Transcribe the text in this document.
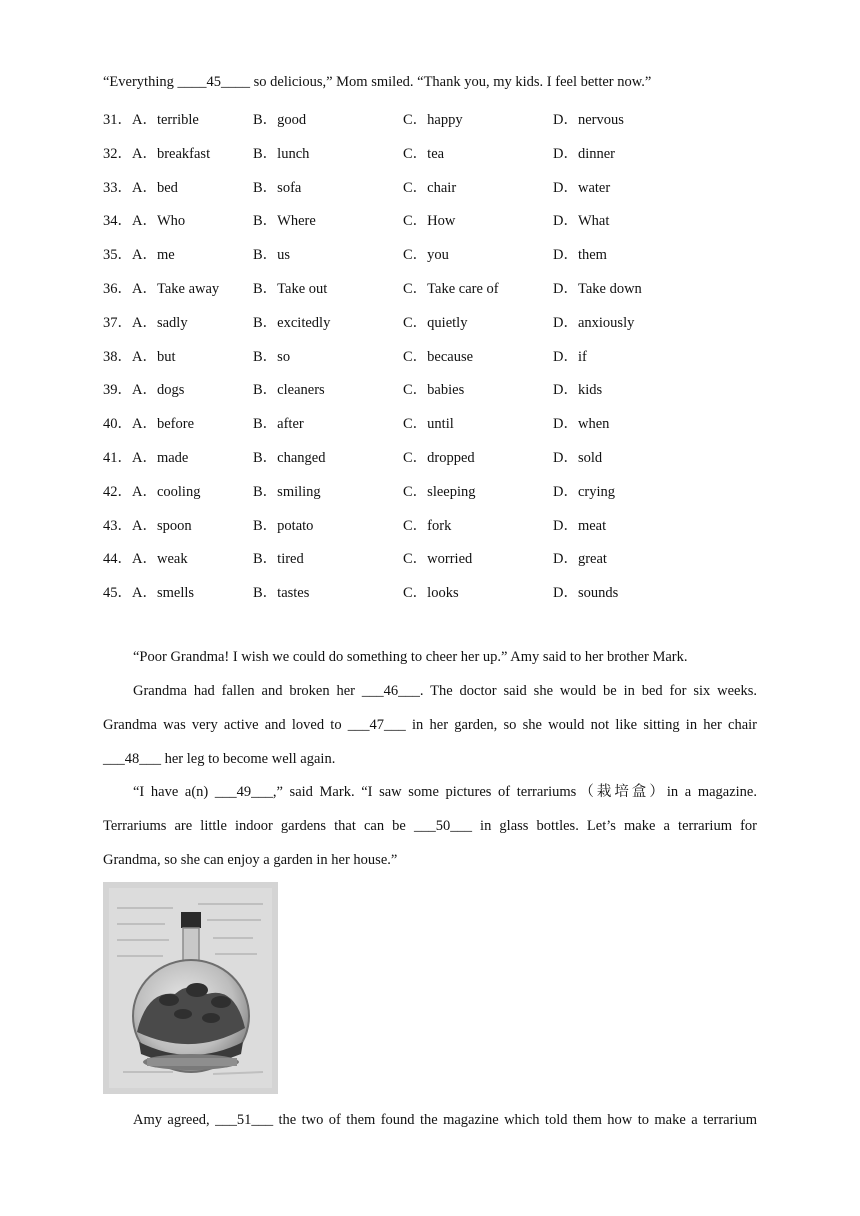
“Everything ____45____ so delicious,” Mom smiled. “Thank you, my kids. I feel better now.”
31．A．terrible	B．good	C．happy	D．nervous
32．A．breakfast	B．lunch	C．tea	D．dinner
33．A．bed	B．sofa	C．chair	D．water
34．A．Who	B．Where	C．How	D．What
35．A．me	B．us	C．you	D．them
36．A．Take away B．Take out	C．Take care of	D．Take down
37．A．sadly	B．excitedly	C．quietly	D．anxiously
38．A．but	B．so	C．because	D．if
39．A．dogs	B．cleaners	C．babies	D．kids
40．A．before	B．after	C．until	D．when
41．A．made	B．changed	C．dropped	D．sold
42．A．cooling	B．smiling	C．sleeping	D．crying
43．A．spoon	B．potato	C．fork	D．meat
44．A．weak	B．tired	C．worried	D．great
45．A．smells	B．tastes	C．looks	D．sounds
“Poor Grandma! I wish we could do something to cheer her up.” Amy said to her brother Mark.
Grandma had fallen and broken her ___46___. The doctor said she would be in bed for six weeks.
Grandma was very active and loved to ___47___ in her garden, so she would not like sitting in her chair
___48___ her leg to become well again.
“I have a(n) ___49___,” said Mark. “I saw some pictures of terrariums（栽培盒）in a magazine.
Terrariums are little indoor gardens that can be ___50___ in glass bottles. Let’s make a terrarium for
Grandma, so she can enjoy a garden in her house.”
Amy agreed, ___51___ the two of them found the magazine which told them how to make a terrarium
